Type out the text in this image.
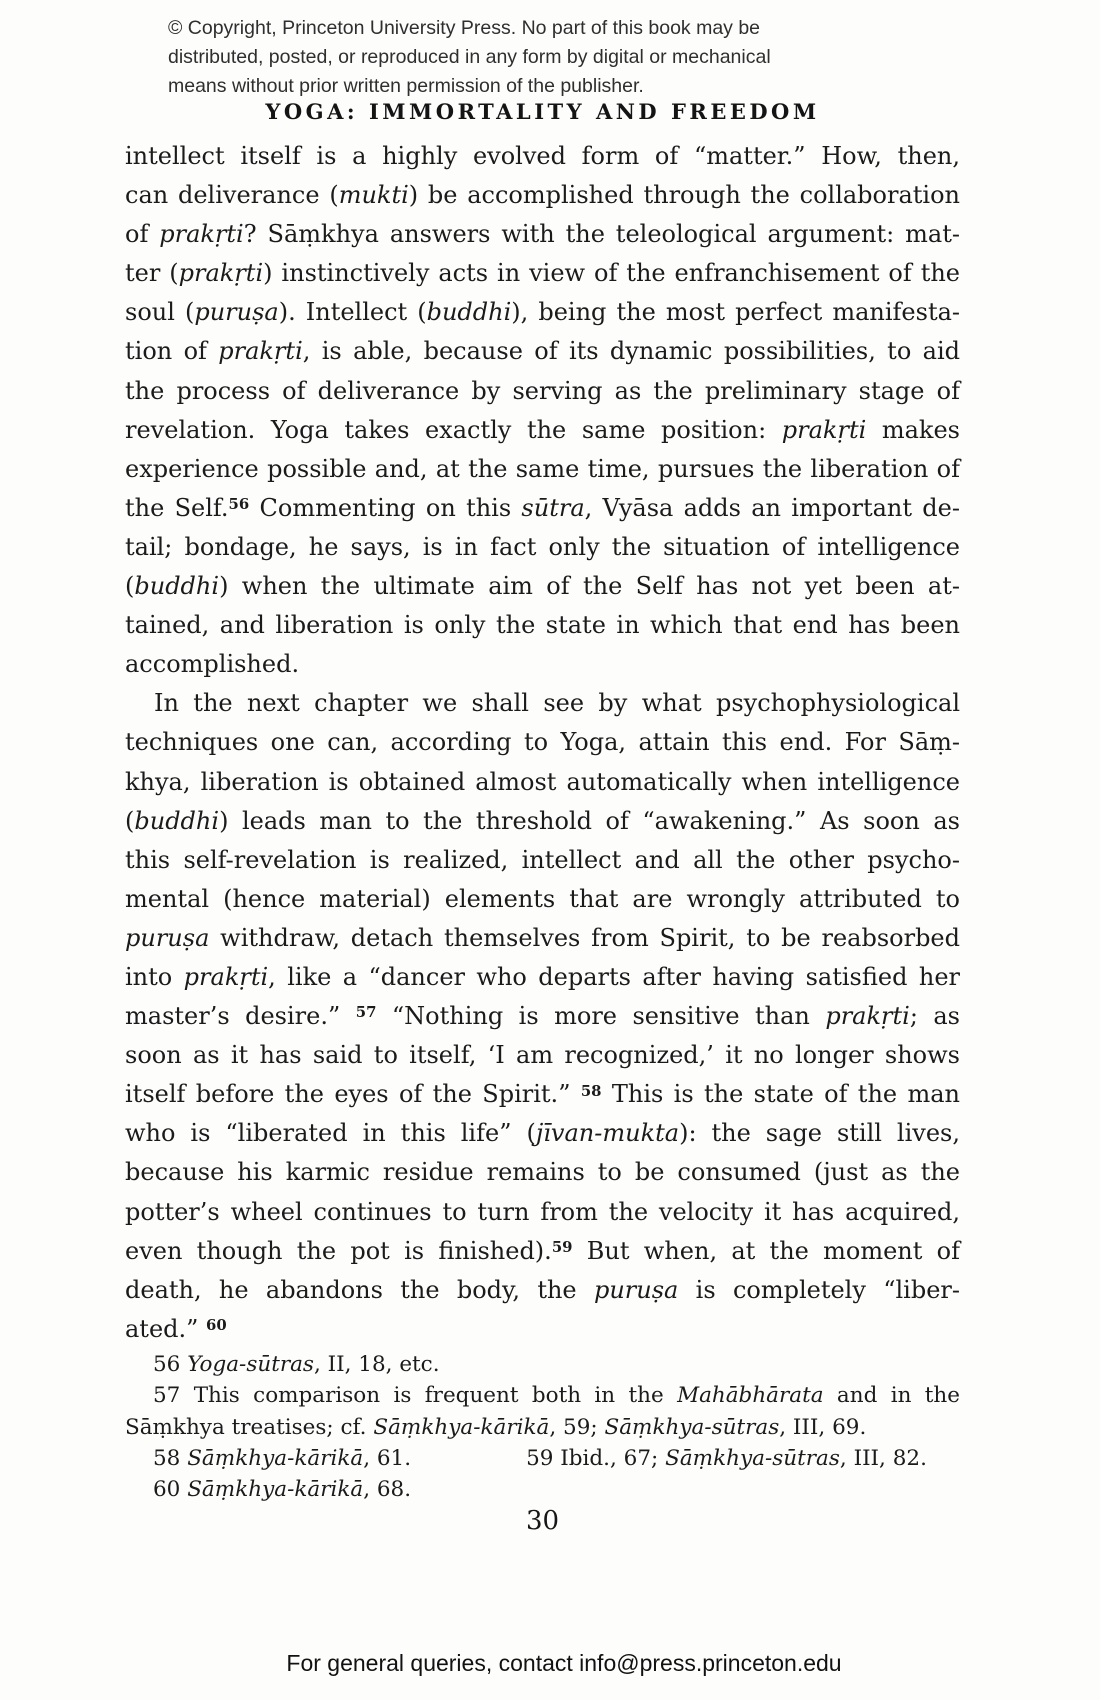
© Copyright, Princeton University Press. No part of this book may be
distributed, posted, or reproduced in any form by digital or mechanical
means without prior written permission of the publisher.
YOGA: IMMORTALITY AND FREEDOM
intellect itself is a highly evolved form of “matter.” How, then,
can deliverance (mukti) be accomplished through the collaboration
of prakṛti? Sāṃkhya answers with the teleological argument: mat-
ter (prakṛti) instinctively acts in view of the enfranchisement of the
soul (puruṣa). Intellect (buddhi), being the most perfect manifesta-
tion of prakṛti, is able, because of its dynamic possibilities, to aid
the process of deliverance by serving as the preliminary stage of
revelation. Yoga takes exactly the same position: prakṛti makes
experience possible and, at the same time, pursues the liberation of
the Self.$^{56}$ Commenting on this sūtra, Vyāsa adds an important de-
tail; bondage, he says, is in fact only the situation of intelligence
(buddhi) when the ultimate aim of the Self has not yet been at-
tained, and liberation is only the state in which that end has been
accomplished.
In the next chapter we shall see by what psychophysiological
techniques one can, according to Yoga, attain this end. For Sāṃ-
khya, liberation is obtained almost automatically when intelligence
(buddhi) leads man to the threshold of “awakening.” As soon as
this self-revelation is realized, intellect and all the other psycho-
mental (hence material) elements that are wrongly attributed to
puruṣa withdraw, detach themselves from Spirit, to be reabsorbed
into prakṛti, like a “dancer who departs after having satisfied her
master’s desire.” $^{57}$ “Nothing is more sensitive than prakṛti; as
soon as it has said to itself, ‘I am recognized,’ it no longer shows
itself before the eyes of the Spirit.” $^{58}$ This is the state of the man
who is “liberated in this life” (jīvan-mukta): the sage still lives,
because his karmic residue remains to be consumed (just as the
potter’s wheel continues to turn from the velocity it has acquired,
even though the pot is finished).$^{59}$ But when, at the moment of
death, he abandons the body, the puruṣa is completely “liber-
ated.” $^{60}$
56 Yoga-sūtras, II, 18, etc.
57 This comparison is frequent both in the Mahābhārata and in the
Sāṃkhya treatises; cf. Sāṃkhya-kārikā, 59; Sāṃkhya-sūtras, III, 69.
58 Sāṃkhya-kārikā, 61.	59 Ibid., 67; Sāṃkhya-sūtras, III, 82.
60 Sāṃkhya-kārikā, 68.
30
For general queries, contact info@press.princeton.edu
